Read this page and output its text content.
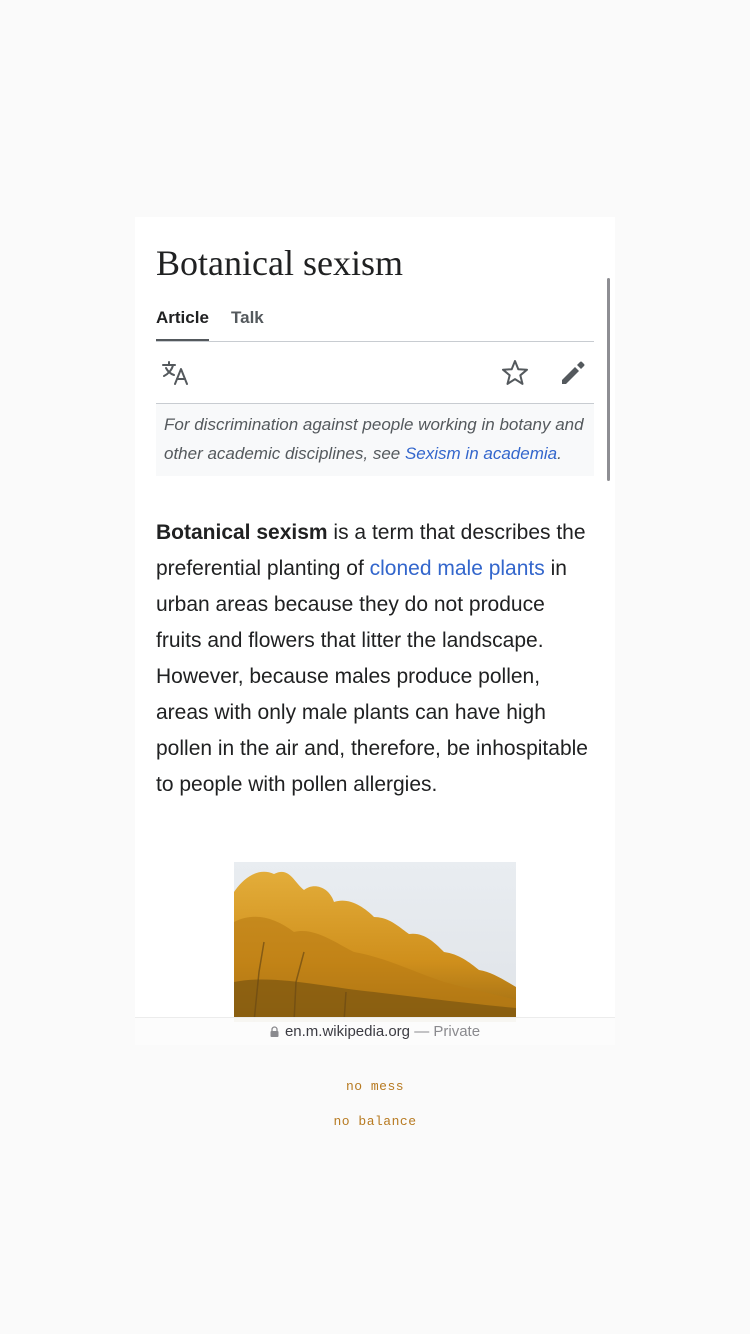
Botanical sexism
Article Talk
For discrimination against people working in botany and other academic disciplines, see Sexism in academia.

Botanical sexism is a term that describes the preferential planting of cloned male plants in urban areas because they do not produce fruits and flowers that litter the landscape. However, because males produce pollen, areas with only male plants can have high pollen in the air and, therefore, be inhospitable to people with pollen allergies.

en.m.wikipedia.org — Private
no mess
no balance
